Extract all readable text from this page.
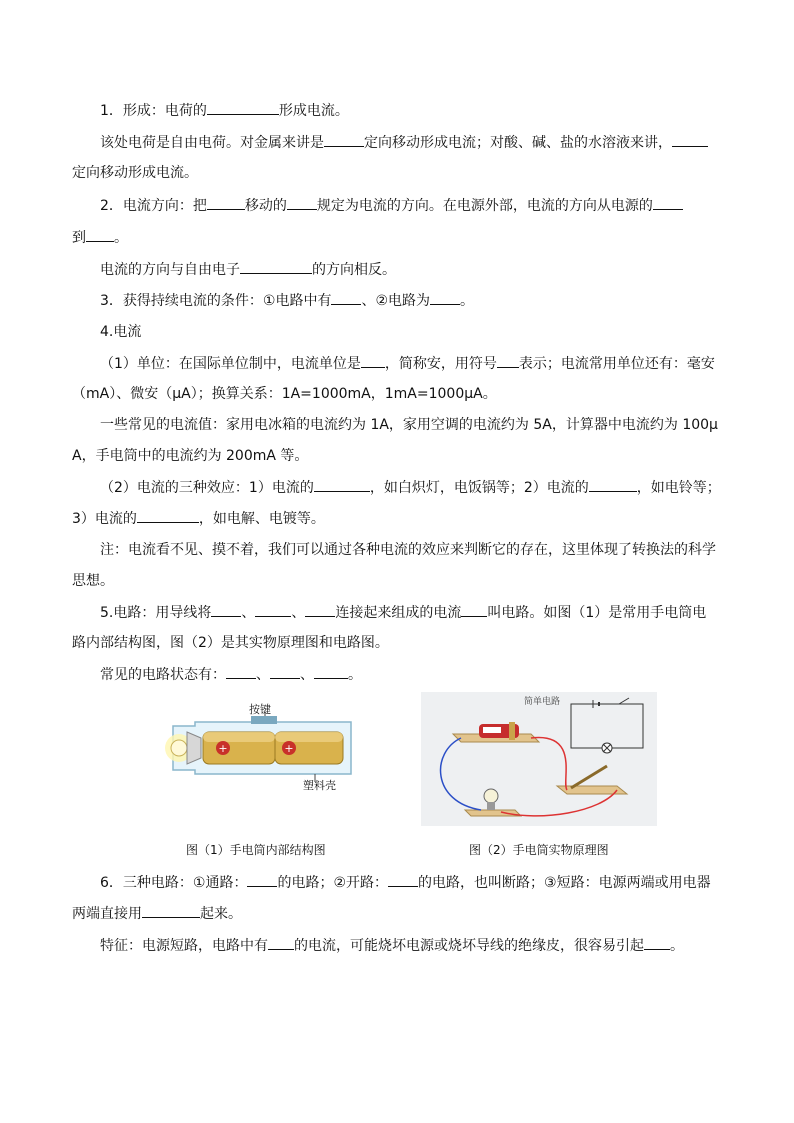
1．形成：电荷的	形成电流。
该处电荷是自由电荷。对金属来讲是	定向移动形成电流；对酸、碱、盐的水溶液来讲，
定向移动形成电流。
2．电流方向：把	移动的 规定为电流的方向。在电源外部，电流的方向从电源的
到 。
电流的方向与自由电子	的方向相反。
3．获得持续电流的条件：①电路中有 、②电路为 。
4.电流
（1）单位：在国际单位制中，电流单位是 ，简称安，用符号 表示；电流常用单位还有：毫安
（mA）、微安（μA）；换算关系：1A=1000mA，1mA=1000μA。
一些常见的电流值：家用电冰箱的电流约为 1A，家用空调的电流约为 5A，计算器中电流约为 100μ
A，手电筒中的电流约为 200mA 等。
（2）电流的三种效应：1）电流的	，如白炽灯，电饭锅等；2）电流的	，如电铃等；
3）电流的	，如电解、电镀等。
注：电流看不见、摸不着，我们可以通过各种电流的效应来判断它的存在，这里体现了转换法的科学
思想。
5.电路：用导线将 、	、 连接起来组成的电流 叫电路。如图（1）是常用手电筒电
路内部结构图，图（2）是其实物原理图和电路图。
常见的电路状态有： 、 、 。
+	+
按键
塑料壳
简单电路
图（1）手电筒内部结构图	图（2）手电筒实物原理图
6．三种电路：①通路： 的电路；②开路： 的电路，也叫断路；③短路：电源两端或用电器
两端直接用	起来。
特征：电源短路，电路中有 的电流，可能烧坏电源或烧坏导线的绝缘皮，很容易引起 。
